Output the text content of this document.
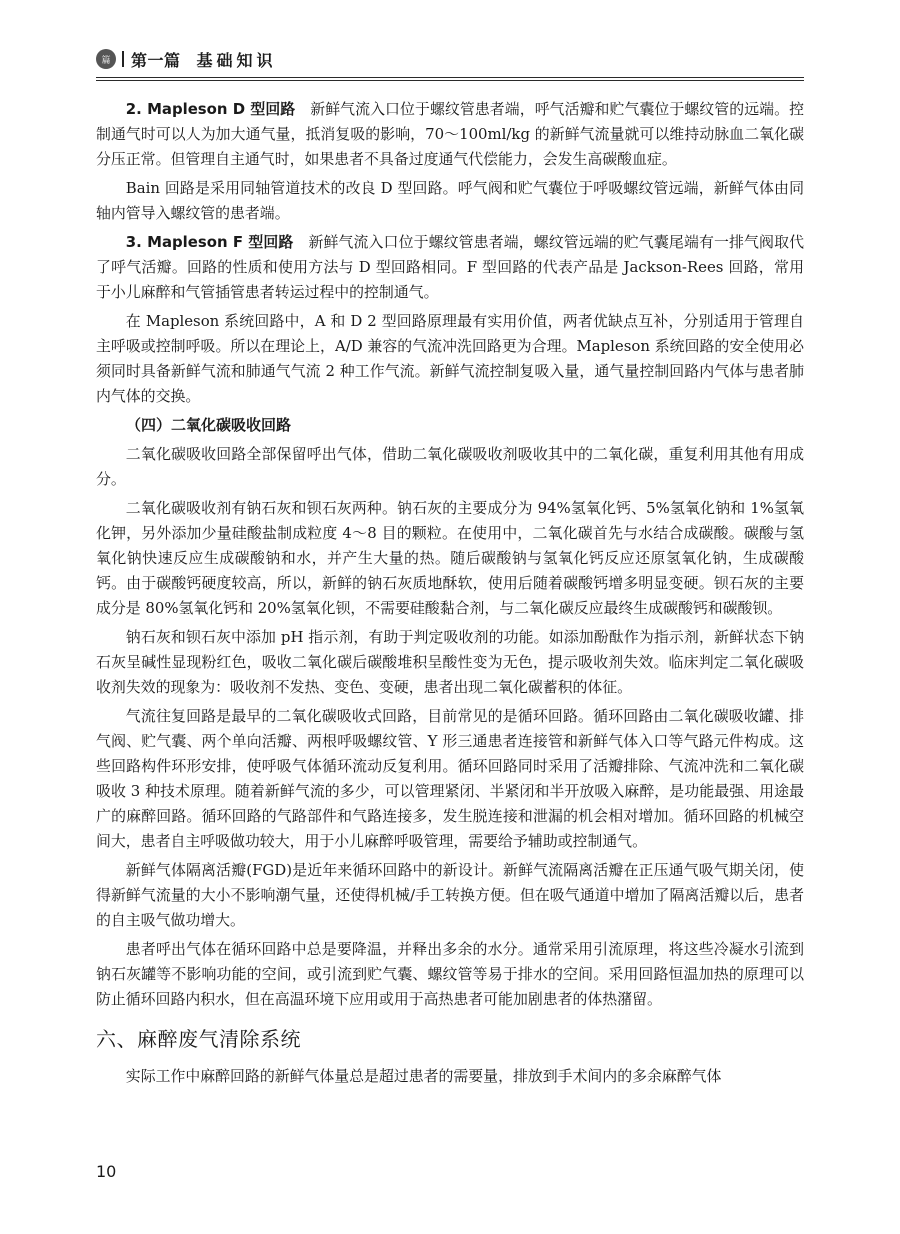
篇	第一篇 基础知识

2. Mapleson D 型回路　 新鲜气流入口位于螺纹管患者端，呼气活瓣和贮气囊位于螺纹管的远端。控制通气时可以人为加大通气量，抵消复吸的影响，70～100ml/kg 的新鲜气流量就可以维持动脉血二氧化碳分压正常。但管理自主通气时，如果患者不具备过度通气代偿能力，会发生高碳酸血症。

Bain 回路是采用同轴管道技术的改良 D 型回路。呼气阀和贮气囊位于呼吸螺纹管远端，新鲜气体由同轴内管导入螺纹管的患者端。

3. Mapleson F 型回路　 新鲜气流入口位于螺纹管患者端，螺纹管远端的贮气囊尾端有一排气阀取代了呼气活瓣。回路的性质和使用方法与 D 型回路相同。F 型回路的代表产品是 Jackson-Rees 回路，常用于小儿麻醉和气管插管患者转运过程中的控制通气。

在 Mapleson 系统回路中，A 和 D 2 型回路原理最有实用价值，两者优缺点互补，分别适用于管理自主呼吸或控制呼吸。所以在理论上，A/D 兼容的气流冲洗回路更为合理。Mapleson 系统回路的安全使用必须同时具备新鲜气流和肺通气气流 2 种工作气流。新鲜气流控制复吸入量，通气量控制回路内气体与患者肺内气体的交换。

（四）二氧化碳吸收回路

二氧化碳吸收回路全部保留呼出气体，借助二氧化碳吸收剂吸收其中的二氧化碳，重复利用其他有用成分。

二氧化碳吸收剂有钠石灰和钡石灰两种。钠石灰的主要成分为 94%氢氧化钙、5%氢氧化钠和 1%氢氧化钾，另外添加少量硅酸盐制成粒度 4～8 目的颗粒。在使用中，二氧化碳首先与水结合成碳酸。碳酸与氢氧化钠快速反应生成碳酸钠和水，并产生大量的热。随后碳酸钠与氢氧化钙反应还原氢氧化钠，生成碳酸钙。由于碳酸钙硬度较高，所以，新鲜的钠石灰质地酥软，使用后随着碳酸钙增多明显变硬。钡石灰的主要成分是 80%氢氧化钙和 20%氢氧化钡，不需要硅酸黏合剂，与二氧化碳反应最终生成碳酸钙和碳酸钡。

钠石灰和钡石灰中添加 pH 指示剂，有助于判定吸收剂的功能。如添加酚酞作为指示剂，新鲜状态下钠石灰呈碱性显现粉红色，吸收二氧化碳后碳酸堆积呈酸性变为无色，提示吸收剂失效。临床判定二氧化碳吸收剂失效的现象为：吸收剂不发热、变色、变硬，患者出现二氧化碳蓄积的体征。

气流往复回路是最早的二氧化碳吸收式回路，目前常见的是循环回路。循环回路由二氧化碳吸收罐、排气阀、贮气囊、两个单向活瓣、两根呼吸螺纹管、Y 形三通患者连接管和新鲜气体入口等气路元件构成。这些回路构件环形安排，使呼吸气体循环流动反复利用。循环回路同时采用了活瓣排除、气流冲洗和二氧化碳吸收 3 种技术原理。随着新鲜气流的多少，可以管理紧闭、半紧闭和半开放吸入麻醉，是功能最强、用途最广的麻醉回路。循环回路的气路部件和气路连接多，发生脱连接和泄漏的机会相对增加。循环回路的机械空间大，患者自主呼吸做功较大，用于小儿麻醉呼吸管理，需要给予辅助或控制通气。

新鲜气体隔离活瓣(FGD)是近年来循环回路中的新设计。新鲜气流隔离活瓣在正压通气吸气期关闭，使得新鲜气流量的大小不影响潮气量，还使得机械/手工转换方便。但在吸气通道中增加了隔离活瓣以后，患者的自主吸气做功增大。

患者呼出气体在循环回路中总是要降温，并释出多余的水分。通常采用引流原理，将这些冷凝水引流到钠石灰罐等不影响功能的空间，或引流到贮气囊、螺纹管等易于排水的空间。采用回路恒温加热的原理可以防止循环回路内积水，但在高温环境下应用或用于高热患者可能加剧患者的体热潴留。

六、麻醉废气清除系统

实际工作中麻醉回路的新鲜气体量总是超过患者的需要量，排放到手术间内的多余麻醉气体

10
